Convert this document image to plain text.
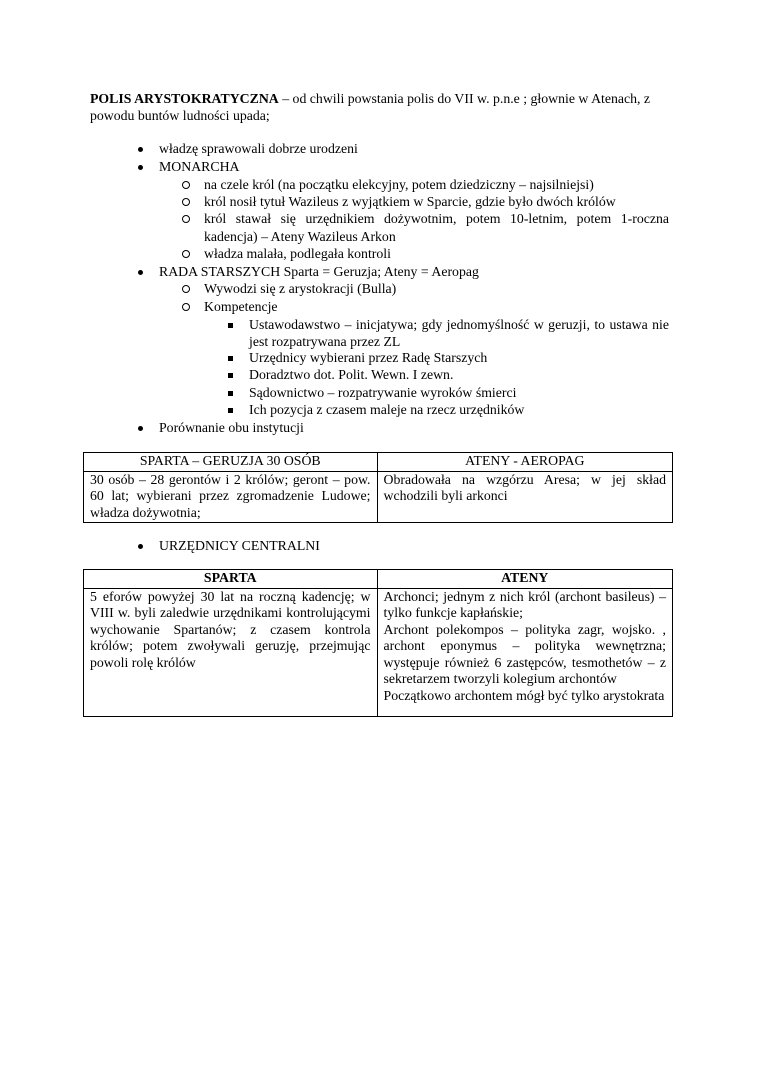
POLIS ARYSTOKRATYCZNA – od chwili powstania polis do VII w. p.n.e ; głownie w Atenach, z powodu buntów ludności upada;

władzę sprawowali dobrze urodzeni
MONARCHA
na czele król (na początku elekcyjny, potem dziedziczny – najsilniejsi)
król nosił tytuł Wazileus z wyjątkiem w Sparcie, gdzie było dwóch królów
król stawał się urzędnikiem dożywotnim, potem 10-letnim, potem 1-roczna kadencja) – Ateny Wazileus Arkon
władza malała, podlegała kontroli
RADA STARSZYCH Sparta = Geruzja; Ateny = Aeropag
Wywodzi się z arystokracji (Bulla)
Kompetencje
Ustawodawstwo – inicjatywa; gdy jednomyślność w geruzji, to ustawa nie jest rozpatrywana przez ZL
Urzędnicy wybierani przez Radę Starszych
Doradztwo dot. Polit. Wewn. I zewn.
Sądownictwo – rozpatrywanie wyroków śmierci
Ich pozycja z czasem maleje na rzecz urzędników
Porównanie obu instytucji
SPARTA – GERUZJA 30 OSÓB	ATENY - AEROPAG
30 osób – 28 gerontów i 2 królów; geront – pow. 60 lat; wybierani przez zgromadzenie Ludowe; władza dożywotnia;	Obradowała na wzgórzu Aresa; w jej skład wchodzili byli arkonci
URZĘDNICY CENTRALNI
SPARTA	ATENY
5 eforów powyżej 30 lat na roczną kadencję; w VIII w. byli zaledwie urzędnikami kontrolującymi wychowanie Spartanów; z czasem kontrola królów; potem zwoływali geruzję, przejmując powoli rolę królów	Archonci; jednym z nich król (archont basileus) – tylko funkcje kapłańskie;

Archont polekompos – polityka zagr, wojsko. , archont eponymus – polityka wewnętrzna; występuje również 6 zastępców, tesmothetów – z sekretarzem tworzyli kolegium archontów

Początkowo archontem mógł być tylko arystokrata
